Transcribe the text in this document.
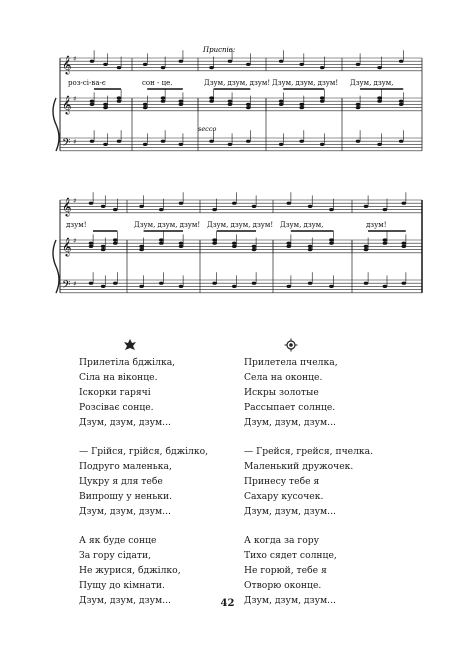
𝄞
𝄞
𝄢
♯
♯
♯
𝄞
𝄞
𝄢
♯
♯
♯
Приспів:
secco
роз-сі-ва-є	сон - це.	Дзум, дзум, дзум! Дзум, дзум, дзум! Дзум, дзум,
дзум!	Дзум, дзум, дзум! Дзум, дзум, дзум! Дзум, дзум,	дзум!
Прилетіла бджілка,
Сіла на віконце.
Іскорки гарячі
Розсіває сонце.
Дзум, дзум, дзум...
— Грійся, грійся, бджілко,
Подруго маленька,
Цукру я для тебе
Випрошу у неньки.
Дзум, дзум, дзум...
А як буде сонце
За гору сідати,
Не журися, бджілко,
Пущу до кімнати.
Дзум, дзум, дзум...
Прилетела пчелка,
Села на оконце.
Искры золотые
Рассыпает солнце.
Дзум, дзум, дзум...
— Грейся, грейся, пчелка.
Маленький дружочек.
Принесу тебе я
Сахару кусочек.
Дзум, дзум, дзум...
А когда за гору
Тихо сядет солнце,
Не горюй, тебе я
Отворю оконце.
Дзум, дзум, дзум...
42
